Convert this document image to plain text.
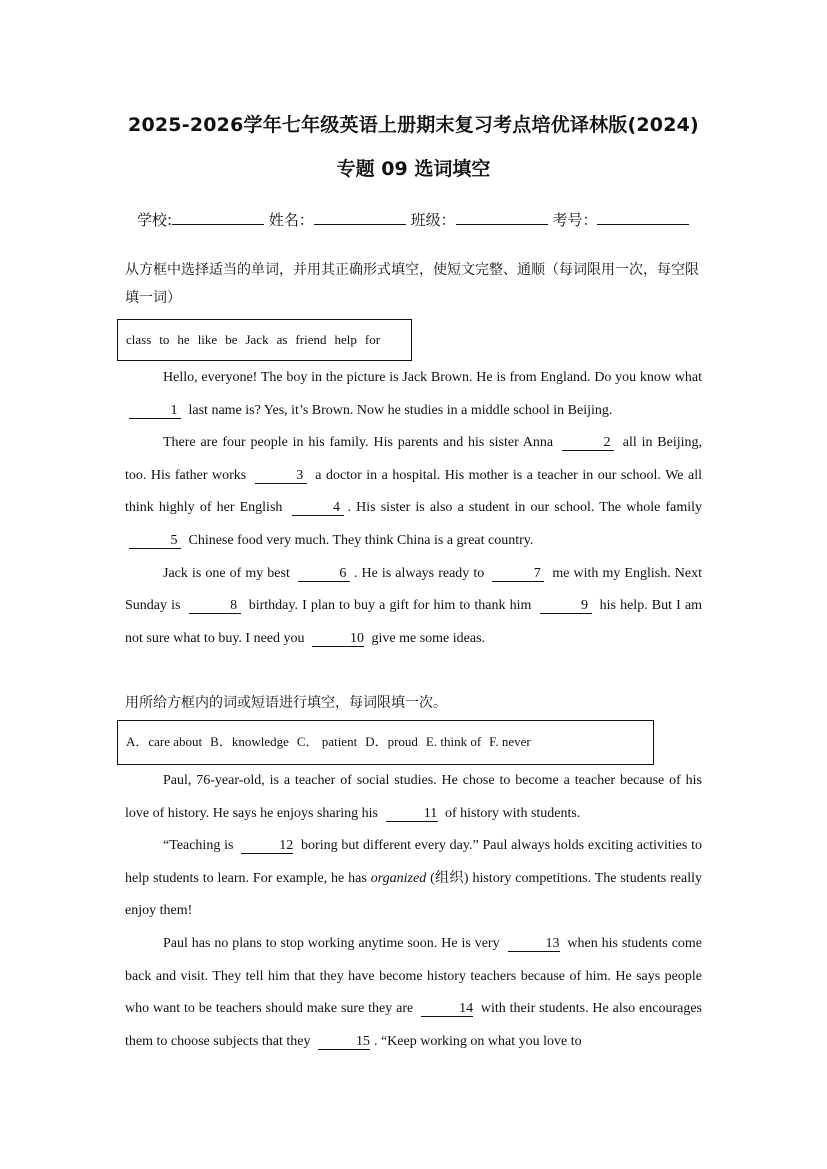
2025-2026学年七年级英语上册期末复习考点培优译林版(2024)
专题 09 选词填空
学校:	姓名：	班级：	考号：
从方框中选择适当的单词，并用其正确形式填空，使短文完整、通顺（每词限用一次，每空限填一词）
class to he like be Jack as friend help for

Hello, everyone! The boy in the picture is Jack Brown. He is from England. Do you know what 1 last name is? Yes, it’s Brown. Now he studies in a middle school in Beijing.

There are four people in his family. His parents and his sister Anna	2 all in Beijing, too. His father works	3 a doctor in a hospital. His mother is a teacher in our school. We all think highly of her English	4 . His sister is also a student in our school. The whole family 5 Chinese food very much. They think China is a great country.

Jack is one of my best	6 . He is always ready to	7 me with my English. Next Sunday is	8 birthday. I plan to buy a gift for him to thank him	9 his help. But I am not sure what to buy. I need you	10 give me some ideas.

用所给方框内的词或短语进行填空，每词限填一次。
A．care about B．knowledge C． patient D．proud E. think of F. never

Paul, 76-year-old, is a teacher of social studies. He chose to become a teacher because of his love of history. He says he enjoys sharing his	11 of history with students.

“Teaching is	12 boring but different every day.” Paul always holds exciting activities to help students to learn. For example, he has organized (组织) history competitions. The students really enjoy them!

Paul has no plans to stop working anytime soon. He is very	13 when his students come back and visit. They tell him that they have become history teachers because of him. He says people who want to be teachers should make sure they are	14 with their students. He also encourages them to choose subjects that they	15 . “Keep working on what you love to
